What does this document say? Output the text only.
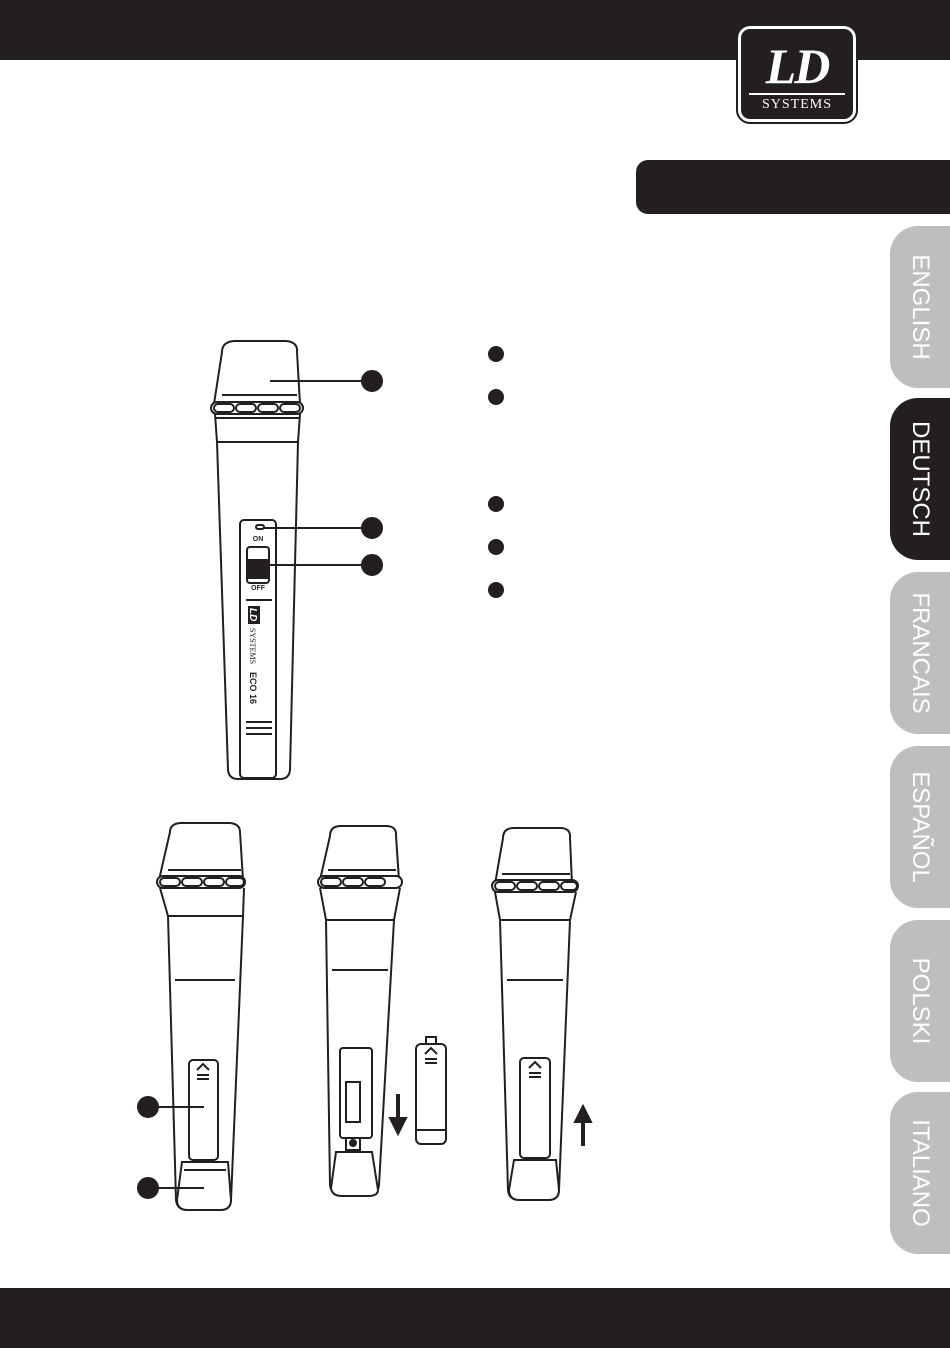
LD
SYSTEMS
ENGLISH
DEUTSCH
FRANCAIS
ESPAÑOL
POLSKI
ITALIANO
ON
OFF
LD
SYSTEMS
ECO 16
